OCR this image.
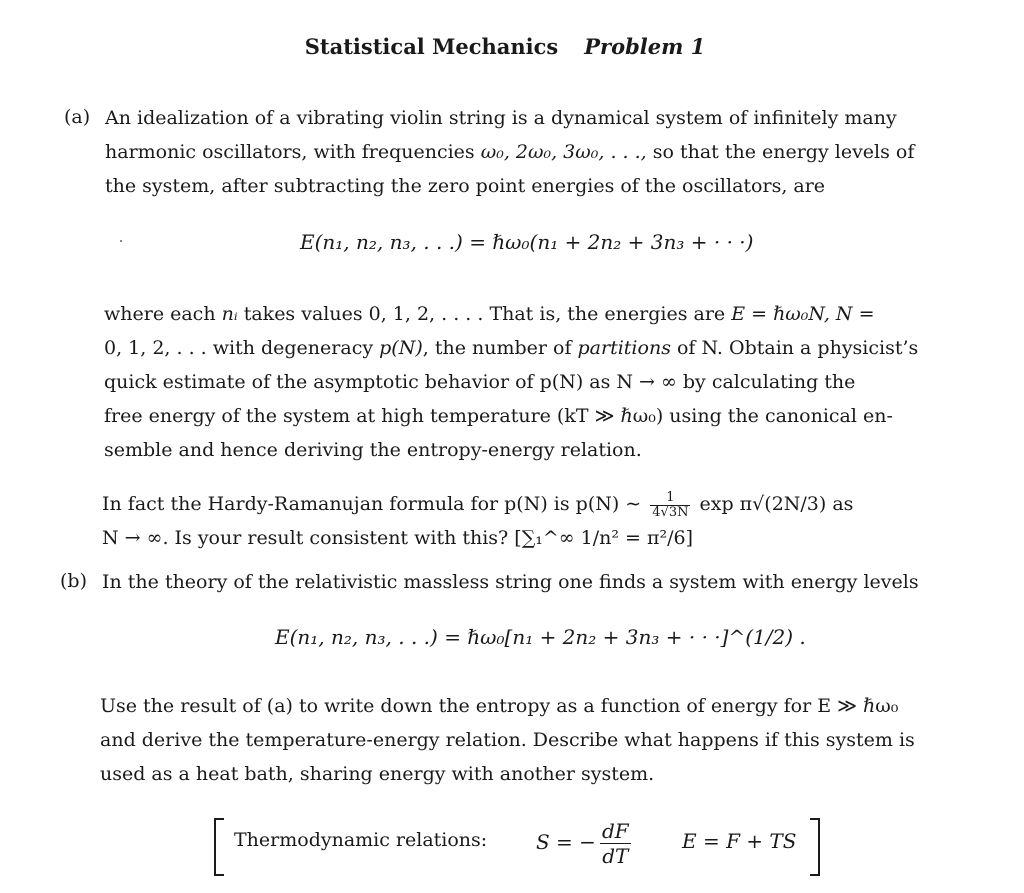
Statistical Mechanics Problem 1
(a) An idealization of a vibrating violin string is a dynamical system of infinitely many
harmonic oscillators, with frequencies ω₀, 2ω₀, 3ω₀, . . ., so that the energy levels of
the system, after subtracting the zero point energies of the oscillators, are
E(n₁, n₂, n₃, . . .) = ℏω₀(n₁ + 2n₂ + 3n₃ + · · ·)
where each nᵢ takes values 0, 1, 2, . . . . That is, the energies are E = ℏω₀N, N =
0, 1, 2, . . . with degeneracy p(N), the number of partitions of N. Obtain a physicist’s
quick estimate of the asymptotic behavior of p(N) as N → ∞ by calculating the
free energy of the system at high temperature (kT ≫ ℏω₀) using the canonical en-
semble and hence deriving the entropy-energy relation.
In fact the Hardy-Ramanujan formula for p(N) is p(N) ∼ $\frac{1}{4√3N}$ exp π√(2N/3) as
N → ∞. Is your result consistent with this? [∑₁^∞ 1/n² = π²/6]
(b) In the theory of the relativistic massless string one finds a system with energy levels
E(n₁, n₂, n₃, . . .) = ℏω₀[n₁ + 2n₂ + 3n₃ + · · ·]^(1/2) .
Use the result of (a) to write down the entropy as a function of energy for E ≫ ℏω₀
and derive the temperature-energy relation. Describe what happens if this system is
used as a heat bath, sharing energy with another system.
Thermodynamic relations: S = − $\frac{dF}{dT}$	E = F + TS
